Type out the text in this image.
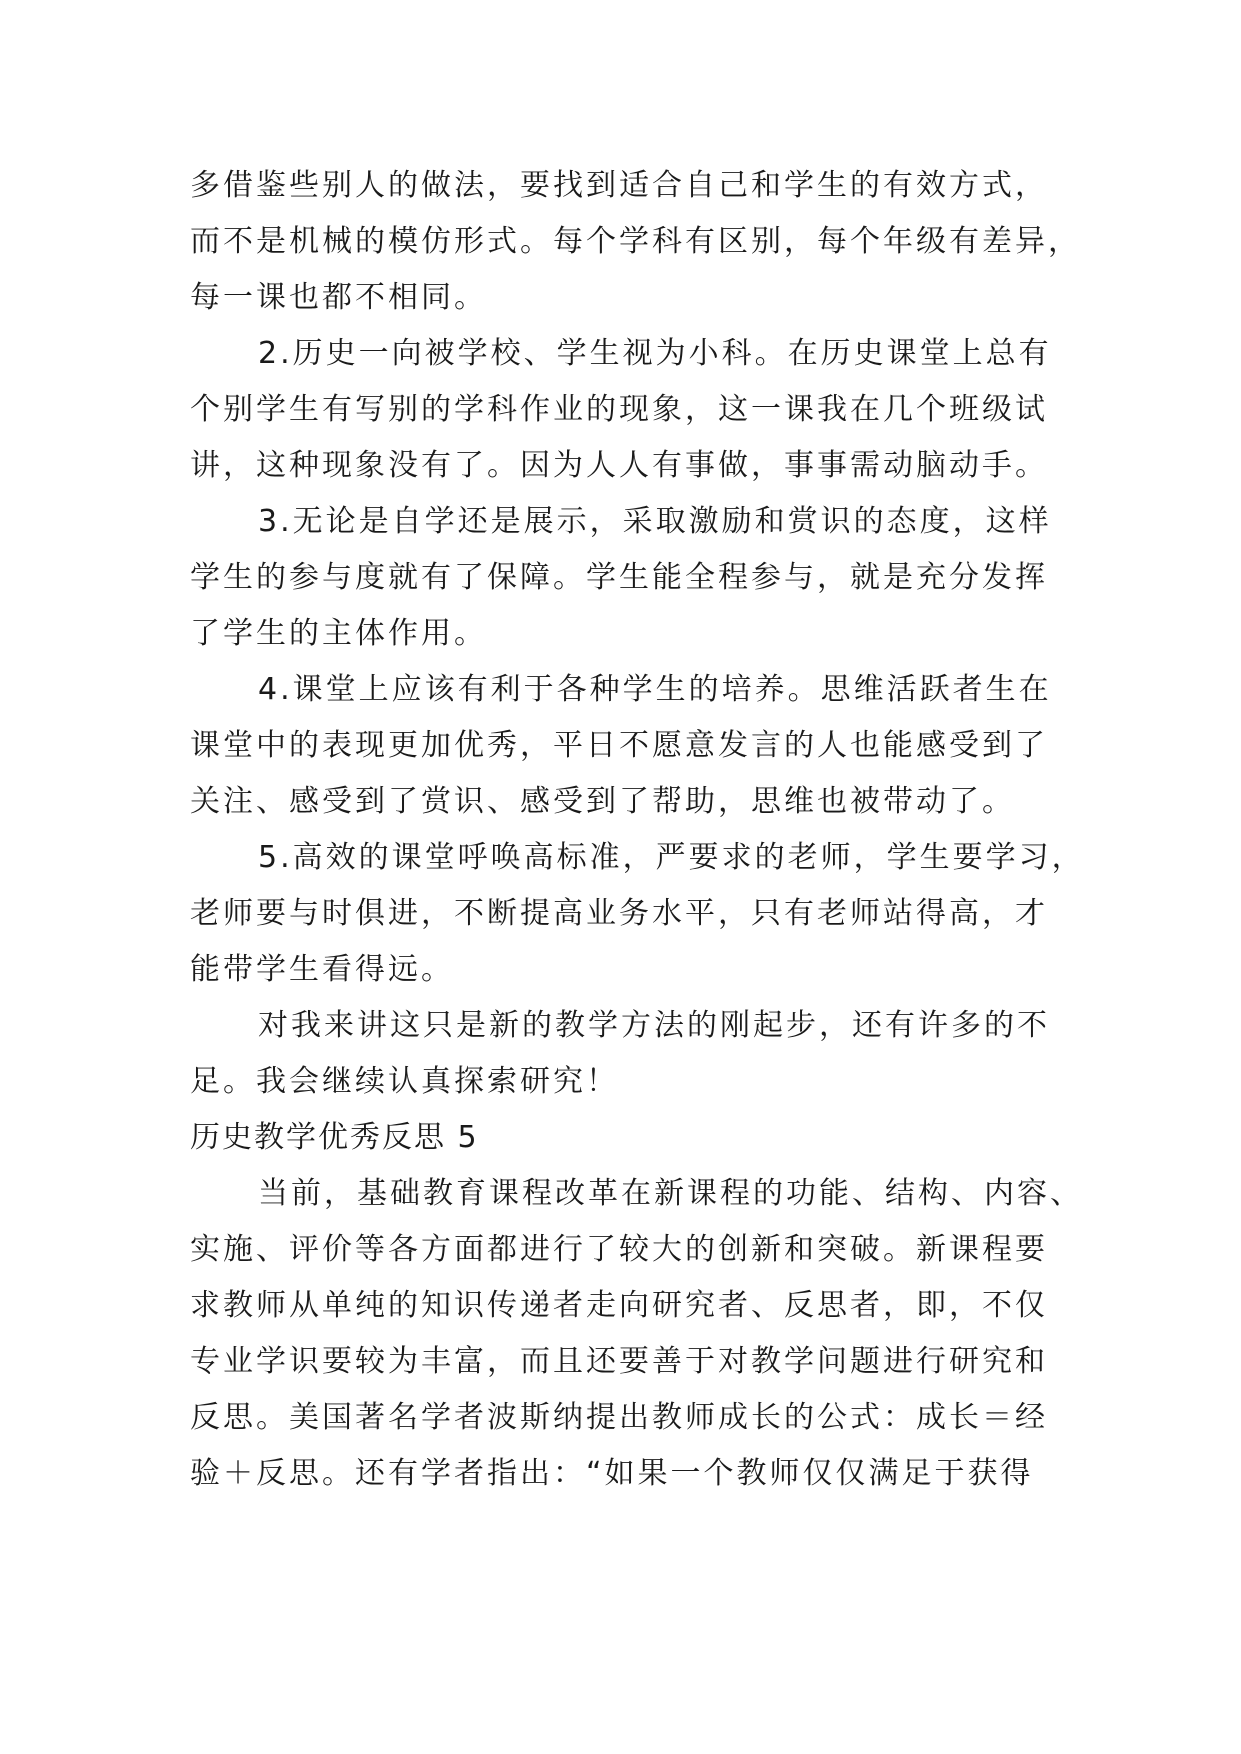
多借鉴些别人的做法，要找到适合自己和学生的有效方式，
而不是机械的模仿形式。每个学科有区别，每个年级有差异，
每一课也都不相同。
2.历史一向被学校、学生视为小科。在历史课堂上总有
个别学生有写别的学科作业的现象，这一课我在几个班级试
讲，这种现象没有了。因为人人有事做，事事需动脑动手。
3.无论是自学还是展示，采取激励和赏识的态度，这样
学生的参与度就有了保障。学生能全程参与，就是充分发挥
了学生的主体作用。
4.课堂上应该有利于各种学生的培养。思维活跃者生在
课堂中的表现更加优秀，平日不愿意发言的人也能感受到了
关注、感受到了赏识、感受到了帮助，思维也被带动了。
5.高效的课堂呼唤高标准，严要求的老师，学生要学习，
老师要与时俱进，不断提高业务水平，只有老师站得高，才
能带学生看得远。
对我来讲这只是新的教学方法的刚起步，还有许多的不
足。我会继续认真探索研究！
历史教学优秀反思 5
当前，基础教育课程改革在新课程的功能、结构、内容、
实施、评价等各方面都进行了较大的创新和突破。新课程要
求教师从单纯的知识传递者走向研究者、反思者，即，不仅
专业学识要较为丰富，而且还要善于对教学问题进行研究和
反思。美国著名学者波斯纳提出教师成长的公式：成长＝经
验＋反思。还有学者指出：“如果一个教师仅仅满足于获得
